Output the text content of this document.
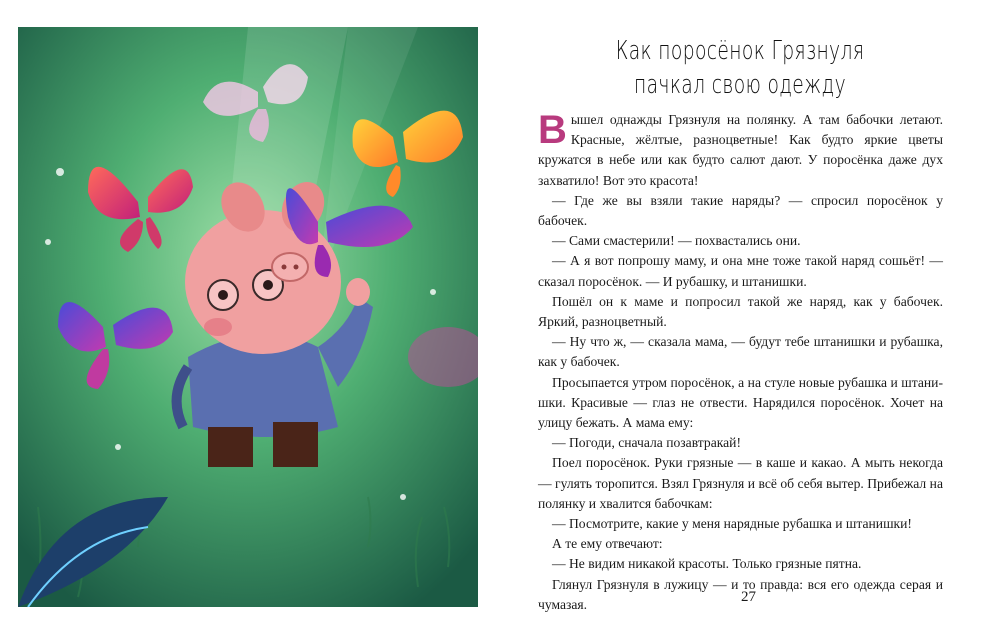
Как поросёнок Грязнуля
пачкал свою одежду

Вышел однажды Грязнуля на полянку. А там бабочки летают. Красные, жёлтые, разноцветные! Как будто яркие цветы кружатся в небе или как будто салют дают. У поросёнка даже дух захватило! Вот это красота!

— Где же вы взяли такие наряды? — спросил поросёнок у бабочек.

— Сами смастерили! — похвастались они.

— А я вот попрошу маму, и она мне тоже такой наряд сошьёт! — сказал поросёнок. — И рубашку, и штанишки.

Пошёл он к маме и попросил такой же наряд, как у бабочек. Яркий, разноцветный.

— Ну что ж, — сказала мама, — будут тебе штанишки и рубашка, как у бабочек.

Просыпается утром поросёнок, а на стуле новые рубашка и штанишки. Красивые — глаз не отвести. Нарядился поросёнок. Хочет на улицу бежать. А мама ему:

— Погоди, сначала позавтракай!

Поел поросёнок. Руки грязные — в каше и какао. А мыть некогда — гулять торопится. Взял Грязнуля и всё об себя вытер. Прибежал на полянку и хвалится бабочкам:

— Посмотрите, какие у меня нарядные рубашка и штанишки!

А те ему отвечают:

— Не видим никакой красоты. Только грязные пятна.

Глянул Грязнуля в лужицу — и то правда: вся его одежда серая и чумазая.	27
